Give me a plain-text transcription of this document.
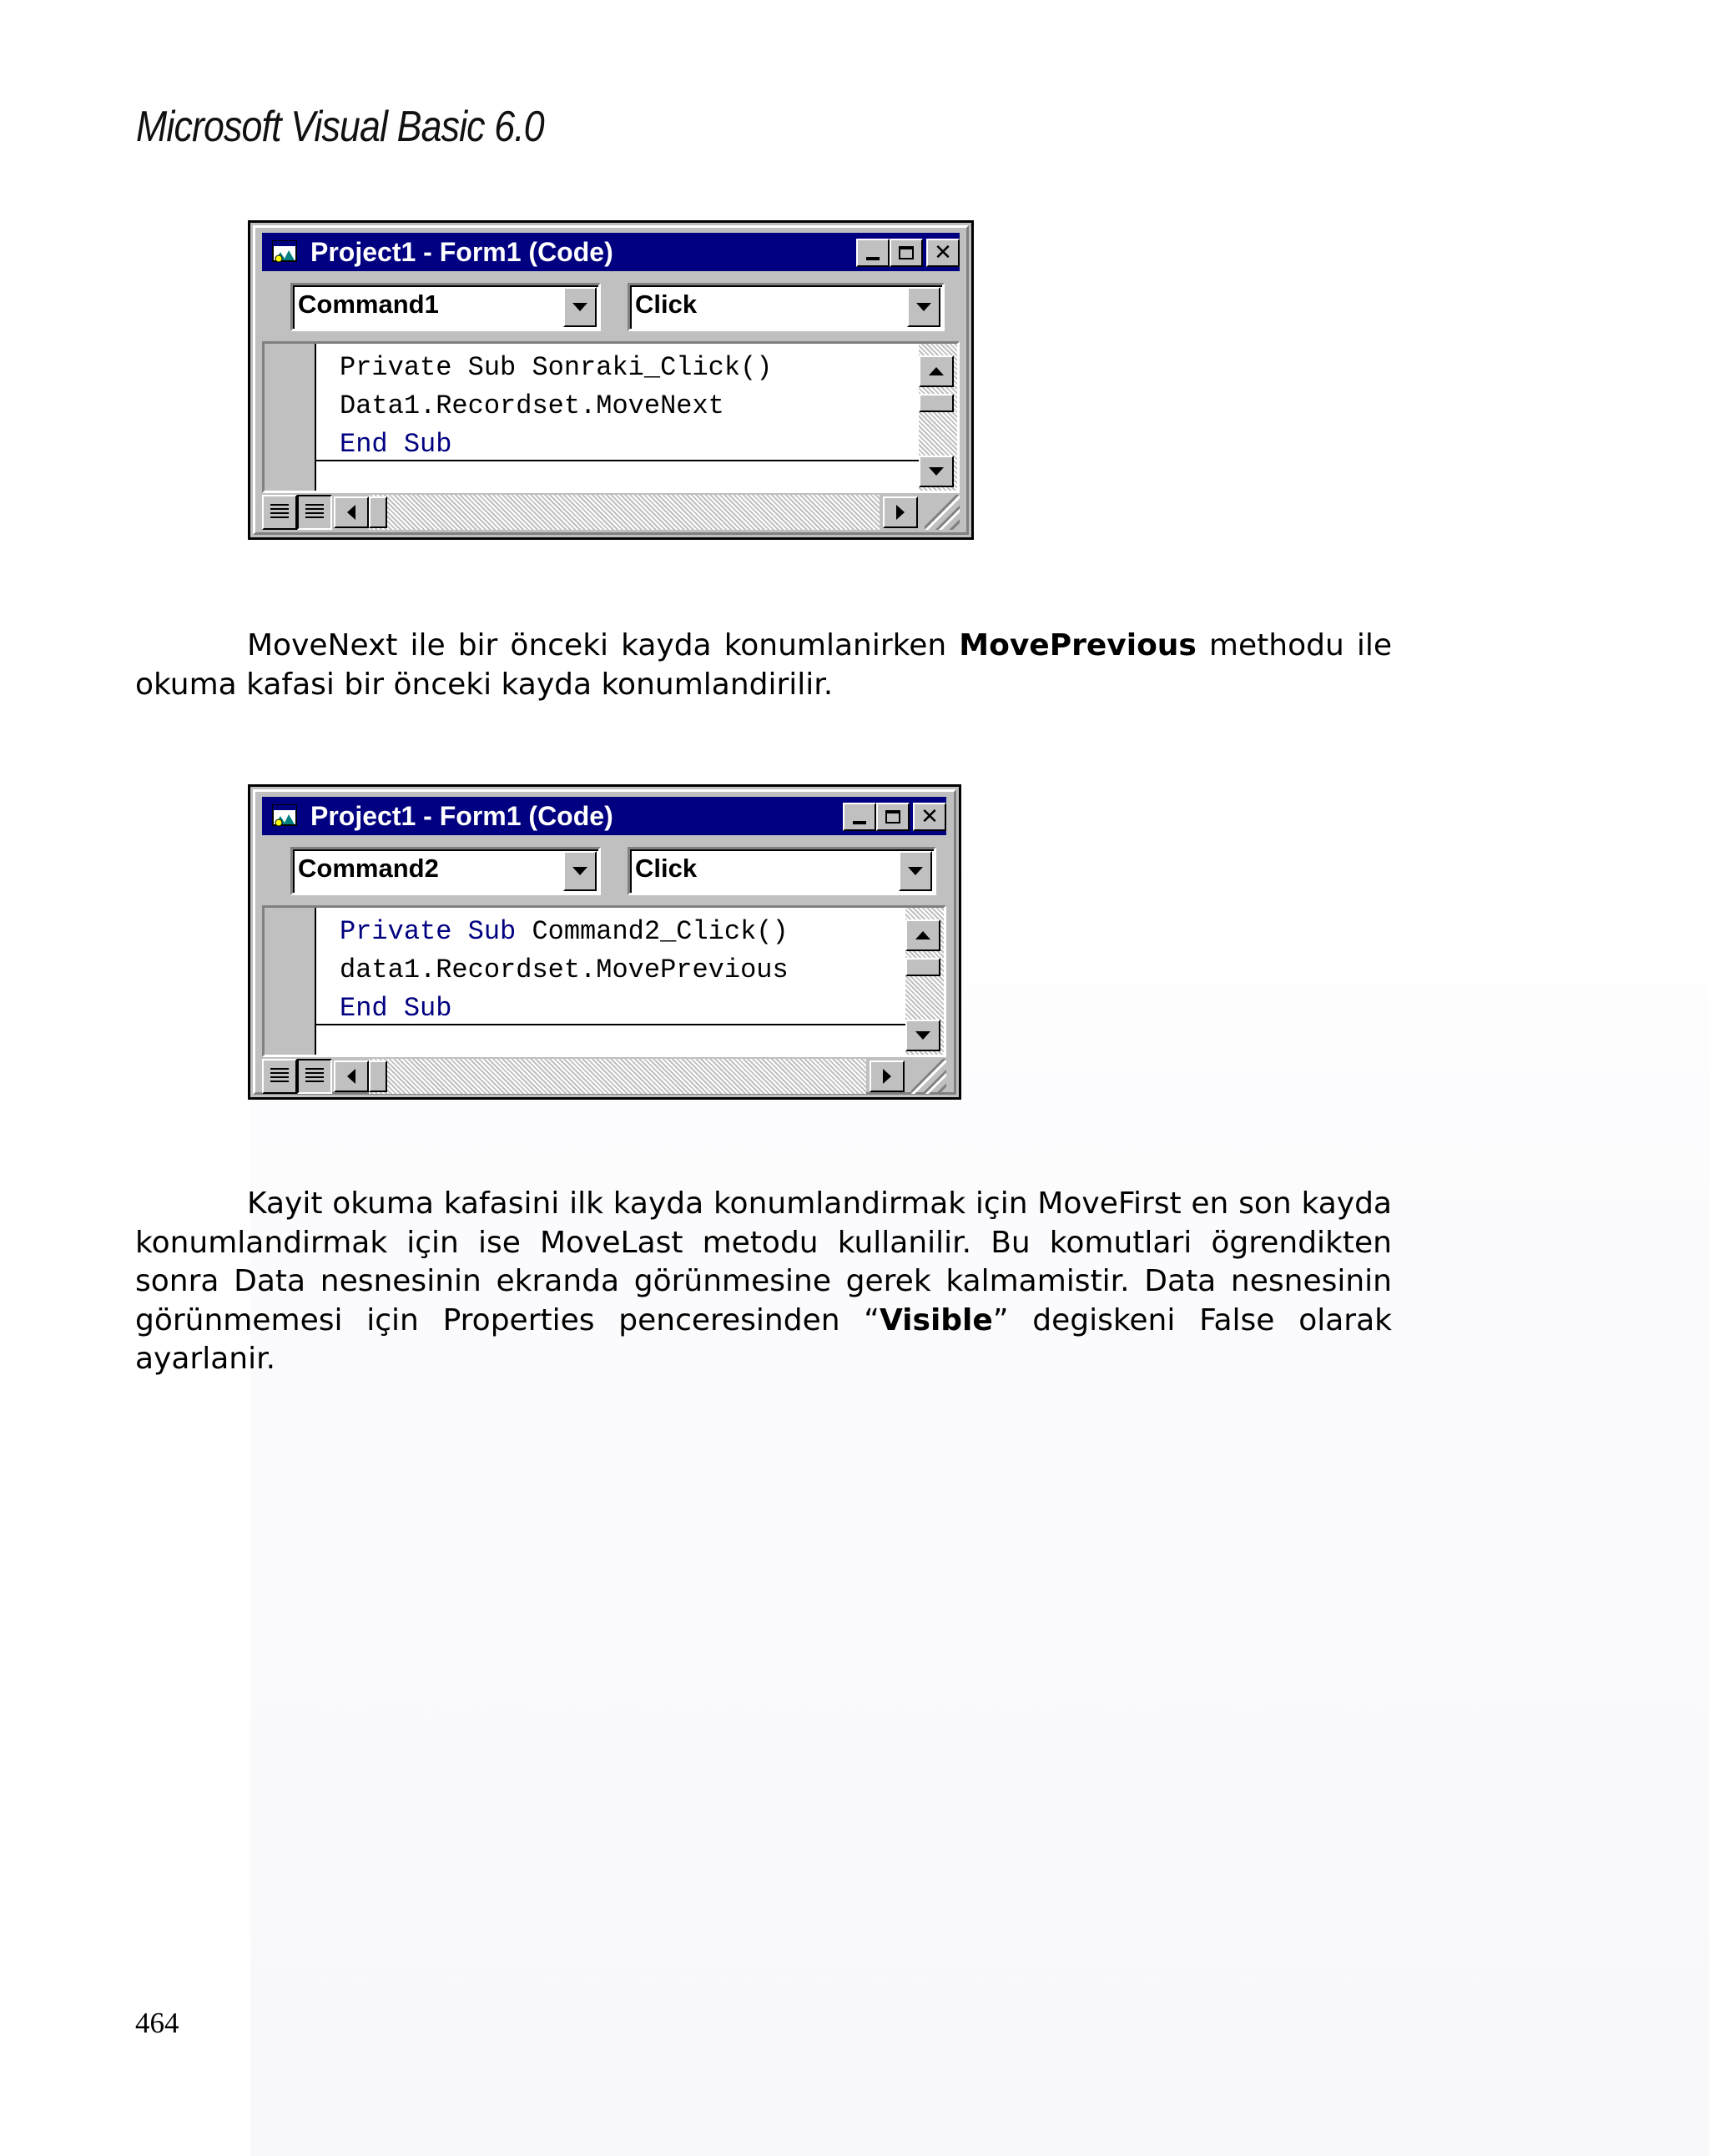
Microsoft Visual Basic 6.0
Project1 - Form1 (Code)	✕
Command1	Click
Private Sub Sonraki_Click()
Data1.Recordset.MoveNext
End Sub
MoveNext ile bir önceki kayda konumlanirken MovePrevious methodu ile okuma kafasi bir önceki kayda konumlandirilir.
Project1 - Form1 (Code)	✕
Command2	Click
Private Sub Command2_Click()
data1.Recordset.MovePrevious
End Sub
Kayit okuma kafasini ilk kayda konumlandirmak için MoveFirst en son kayda konumlandirmak için ise MoveLast metodu kullanilir. Bu komutlari ögrendikten sonra Data nesnesinin ekranda görünmesine gerek kalmamistir. Data nesnesinin görünmemesi için Properties penceresinden “Visible” degiskeni False olarak ayarlanir.
464
